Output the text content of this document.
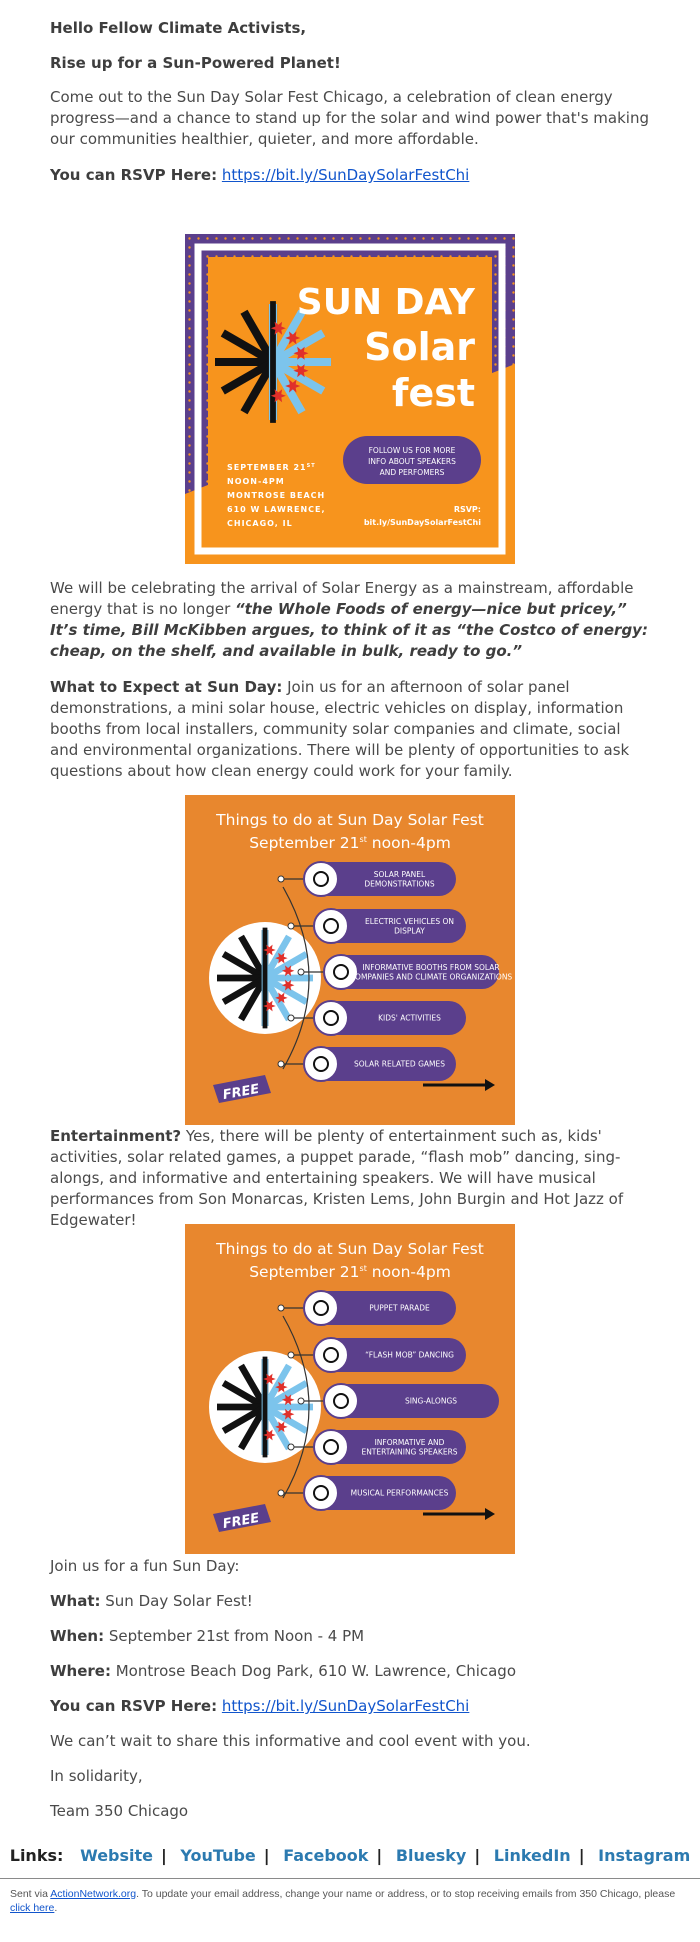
Hello Fellow Climate Activists,

Rise up for a Sun-Powered Planet!

Come out to the Sun Day Solar Fest Chicago, a celebration of clean energy progress—and a chance to stand up for the solar and wind power that's making our communities healthier, quieter, and more affordable.

You can RSVP Here: https://bit.ly/SunDaySolarFestChi

SUN DAY
Solar
fest
FOLLOW US FOR MORE
INFO ABOUT SPEAKERS
AND PERFOMERS
SEPTEMBER 21ST
NOON-4PM
MONTROSE BEACH
610 W LAWRENCE,
CHICAGO, IL
RSVP:
bit.ly/SunDaySolarFestChi

We will be celebrating the arrival of Solar Energy as a mainstream, affordable energy that is no longer “the Whole Foods of energy—nice but pricey,” It’s time, Bill McKibben argues, to think of it as “the Costco of energy: cheap, on the shelf, and available in bulk, ready to go.”

What to Expect at Sun Day: Join us for an afternoon of solar panel demonstrations, a mini solar house, electric vehicles on display, information booths from local installers, community solar companies and climate, social and environmental organizations. There will be plenty of opportunities to ask questions about how clean energy could work for your family.

Things to do at Sun Day Solar Fest
September 21st noon-4pm
SOLAR PANEL DEMONSTRATIONS
ELECTRIC VEHICLES ON DISPLAY
INFORMATIVE BOOTHS FROM SOLAR COMPANIES AND CLIMATE ORGANIZATIONS
KIDS' ACTIVITIES
SOLAR RELATED GAMES
FREE

Entertainment? Yes, there will be plenty of entertainment such as, kids' activities, solar related games, a puppet parade, “flash mob” dancing, sing-alongs, and informative and entertaining speakers. We will have musical performances from Son Monarcas, Kristen Lems, John Burgin and Hot Jazz of Edgewater!

Things to do at Sun Day Solar Fest
September 21st noon-4pm
PUPPET PARADE
“FLASH MOB” DANCING
SING-ALONGS
INFORMATIVE AND ENTERTAINING SPEAKERS
MUSICAL PERFORMANCES
FREE

Join us for a fun Sun Day:

What: Sun Day Solar Fest!

When: September 21st from Noon - 4 PM

Where: Montrose Beach Dog Park, 610 W. Lawrence, Chicago

You can RSVP Here: https://bit.ly/SunDaySolarFestChi

We can’t wait to share this informative and cool event with you.

In solidarity,

Team 350 Chicago

Links: Website | YouTube | Facebook | Bluesky | LinkedIn | Instagram
Sent via ActionNetwork.org. To update your email address, change your name or address, or to stop receiving emails from 350 Chicago, please click here.
